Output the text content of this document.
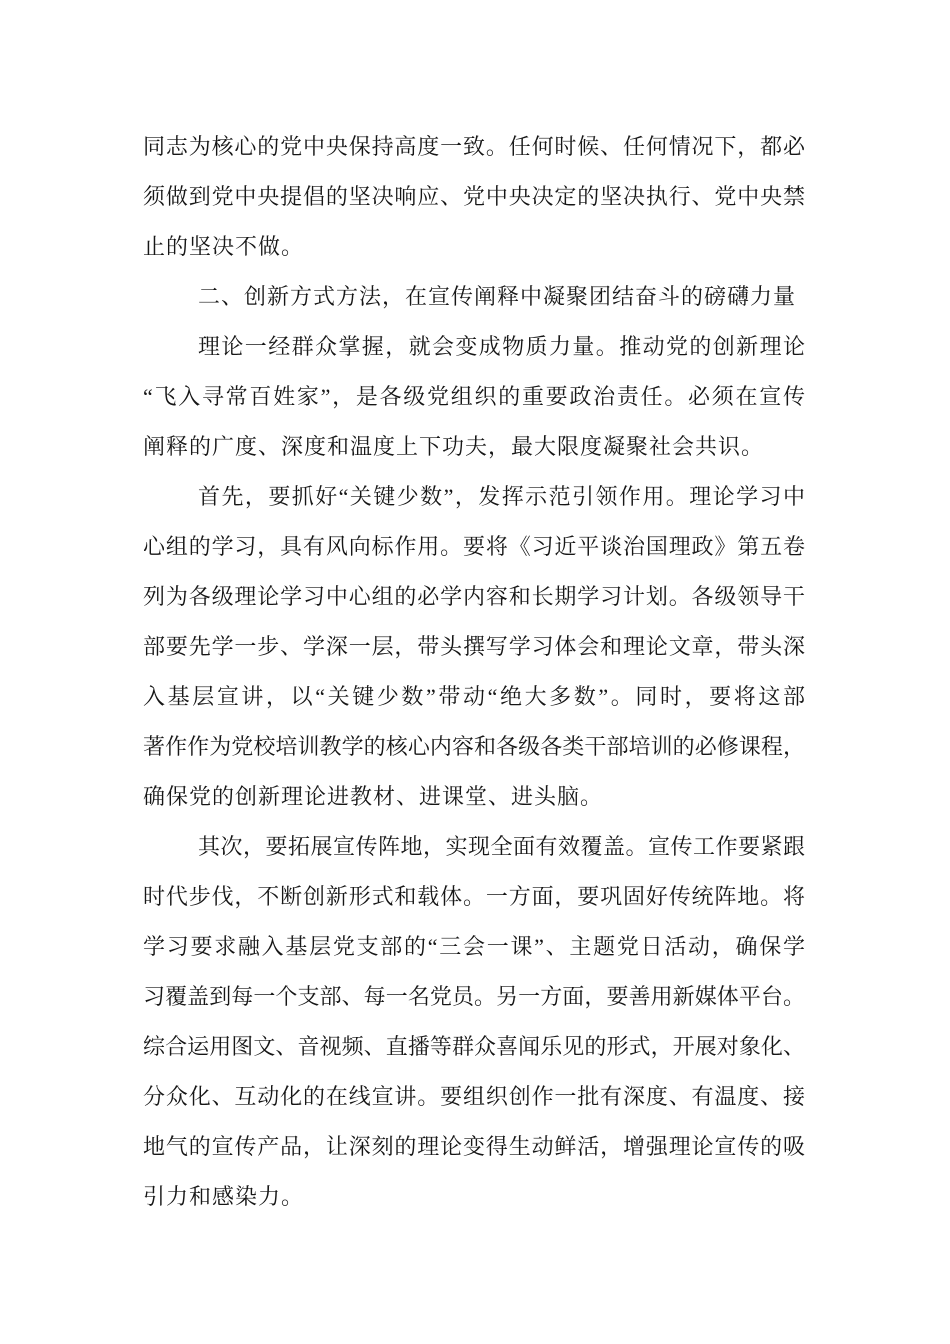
同志为核心的党中央保持高度一致。任何时候、任何情况下，都必
须做到党中央提倡的坚决响应、党中央决定的坚决执行、党中央禁
止的坚决不做。
二、创新方式方法，在宣传阐释中凝聚团结奋斗的磅礴力量
理论一经群众掌握，就会变成物质力量。推动党的创新理论
“飞入寻常百姓家”，是各级党组织的重要政治责任。必须在宣传
阐释的广度、深度和温度上下功夫，最大限度凝聚社会共识。
首先，要抓好“关键少数”，发挥示范引领作用。理论学习中
心组的学习，具有风向标作用。要将《习近平谈治国理政》第五卷
列为各级理论学习中心组的必学内容和长期学习计划。各级领导干
部要先学一步、学深一层，带头撰写学习体会和理论文章，带头深
入基层宣讲，以“关键少数”带动“绝大多数”。同时，要将这部
著作作为党校培训教学的核心内容和各级各类干部培训的必修课程，
确保党的创新理论进教材、进课堂、进头脑。
其次，要拓展宣传阵地，实现全面有效覆盖。宣传工作要紧跟
时代步伐，不断创新形式和载体。一方面，要巩固好传统阵地。将
学习要求融入基层党支部的“三会一课”、主题党日活动，确保学
习覆盖到每一个支部、每一名党员。另一方面，要善用新媒体平台。
综合运用图文、音视频、直播等群众喜闻乐见的形式，开展对象化、
分众化、互动化的在线宣讲。要组织创作一批有深度、有温度、接
地气的宣传产品，让深刻的理论变得生动鲜活，增强理论宣传的吸
引力和感染力。
